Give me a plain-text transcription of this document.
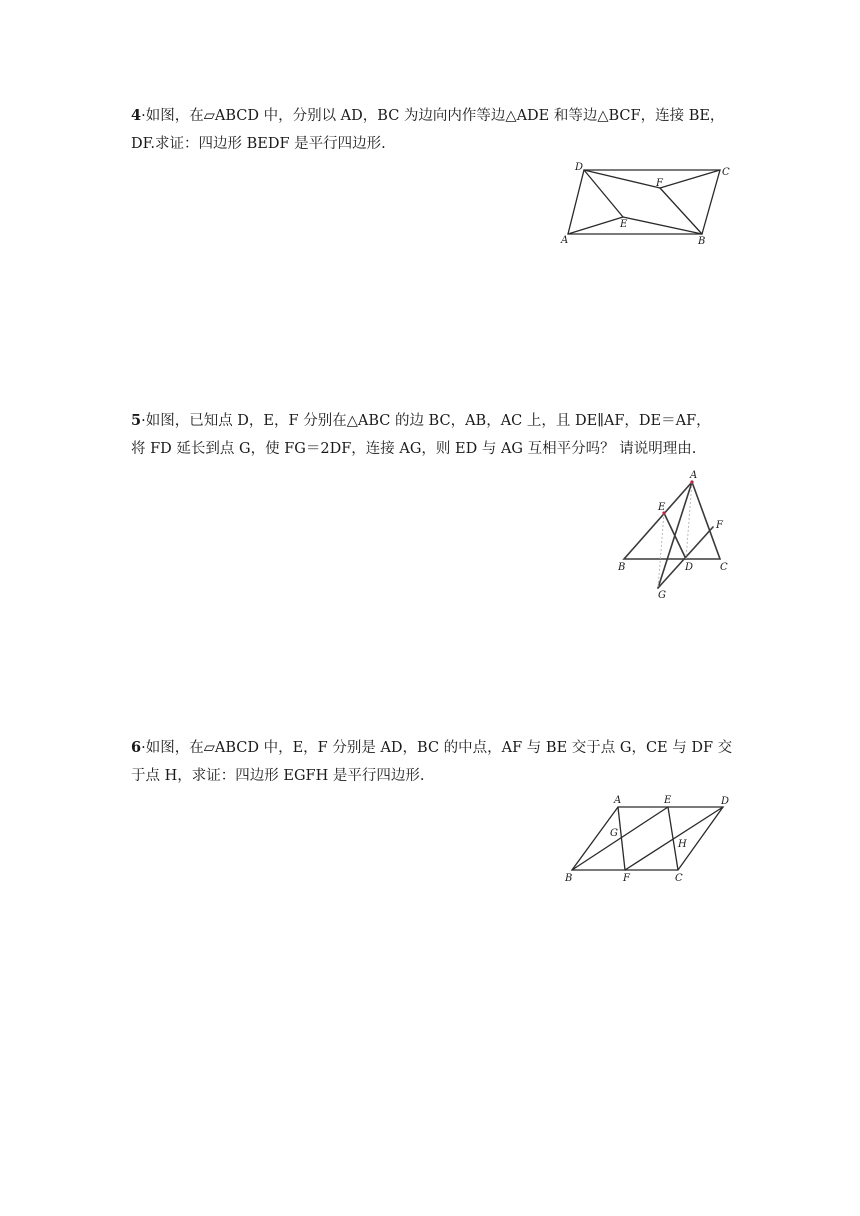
4·如图，在▱ABCD 中，分别以 AD，BC 为边向内作等边△ADE 和等边△BCF，连接 BE，
DF.求证：四边形 BEDF 是平行四边形.
D	C
A	B
E
F
5·如图，已知点 D，E，F 分别在△ABC 的边 BC，AB，AC 上，且 DE∥AF，DE＝AF，
将 FD 延长到点 G，使 FG＝2DF，连接 AG，则 ED 与 AG 互相平分吗？ 请说明理由.
A
E
F
B	D	C
G
6·如图，在▱ABCD 中，E，F 分别是 AD，BC 的中点，AF 与 BE 交于点 G，CE 与 DF 交
于点 H，求证：四边形 EGFH 是平行四边形.
A	E	D
G
H
B	F	C
